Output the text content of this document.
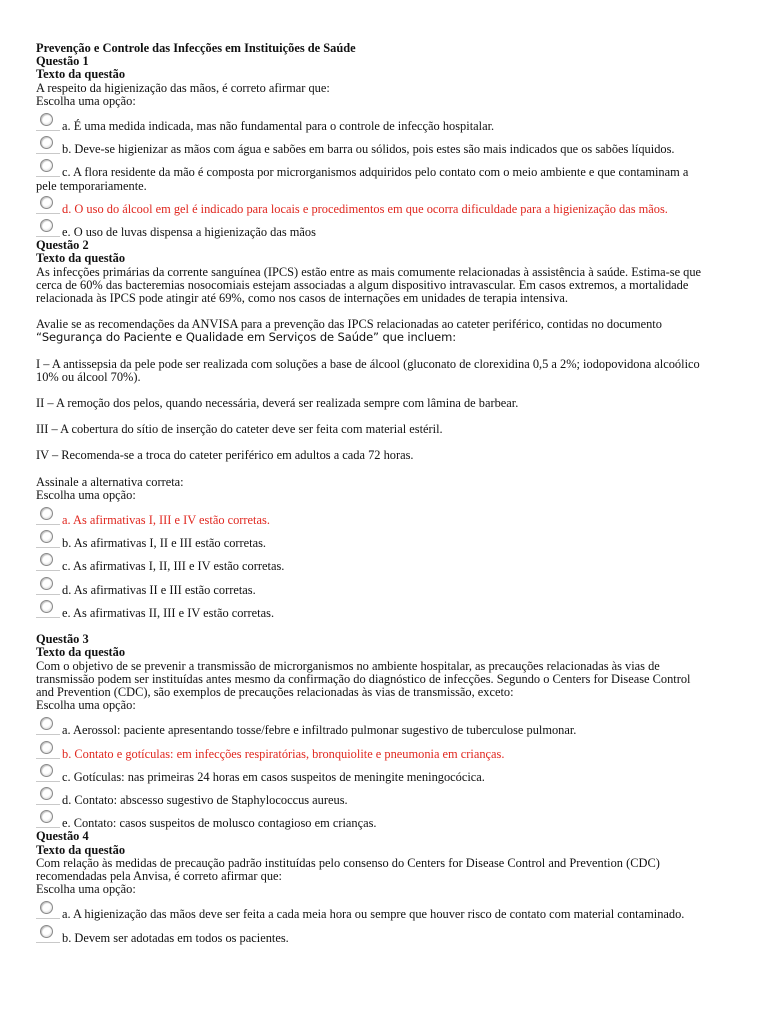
Prevenção e Controle das Infecções em Instituições de Saúde
Questão 1
Texto da questão
A respeito da higienização das mãos, é correto afirmar que:
Escolha uma opção:
a. É uma medida indicada, mas não fundamental para o controle de infecção hospitalar.
b. Deve-se higienizar as mãos com água e sabões em barra ou sólidos, pois estes são mais indicados que os sabões líquidos.
c. A flora residente da mão é composta por microrganismos adquiridos pelo contato com o meio ambiente e que contaminam a
pele temporariamente.
d. O uso do álcool em gel é indicado para locais e procedimentos em que ocorra dificuldade para a higienização das mãos.
e. O uso de luvas dispensa a higienização das mãos
Questão 2
Texto da questão
As infecções primárias da corrente sanguínea (IPCS) estão entre as mais comumente relacionadas à assistência à saúde. Estima-se que
cerca de 60% das bacteremias nosocomiais estejam associadas a algum dispositivo intravascular. Em casos extremos, a mortalidade
relacionada às IPCS pode atingir até 69%, como nos casos de internações em unidades de terapia intensiva.
Avalie se as recomendações da ANVISA para a prevenção das IPCS relacionadas ao cateter periférico, contidas no documento
“Segurança do Paciente e Qualidade em Serviços de Saúde” que incluem:
I – A antissepsia da pele pode ser realizada com soluções a base de álcool (gluconato de clorexidina 0,5 a 2%; iodopovidona alcoólico
10% ou álcool 70%).
II – A remoção dos pelos, quando necessária, deverá ser realizada sempre com lâmina de barbear.
III – A cobertura do sítio de inserção do cateter deve ser feita com material estéril.
IV – Recomenda-se a troca do cateter periférico em adultos a cada 72 horas.
Assinale a alternativa correta:
Escolha uma opção:
a. As afirmativas I, III e IV estão corretas.
b. As afirmativas I, II e III estão corretas.
c. As afirmativas I, II, III e IV estão corretas.
d. As afirmativas II e III estão corretas.
e. As afirmativas II, III e IV estão corretas.
Questão 3
Texto da questão
Com o objetivo de se prevenir a transmissão de microrganismos no ambiente hospitalar, as precauções relacionadas às vias de
transmissão podem ser instituídas antes mesmo da confirmação do diagnóstico de infecções. Segundo o Centers for Disease Control
and Prevention (CDC), são exemplos de precauções relacionadas às vias de transmissão, exceto:
Escolha uma opção:
a. Aerossol: paciente apresentando tosse/febre e infiltrado pulmonar sugestivo de tuberculose pulmonar.
b. Contato e gotículas: em infecções respiratórias, bronquiolite e pneumonia em crianças.
c. Gotículas: nas primeiras 24 horas em casos suspeitos de meningite meningocócica.
d. Contato: abscesso sugestivo de Staphylococcus aureus.
e. Contato: casos suspeitos de molusco contagioso em crianças.
Questão 4
Texto da questão
Com relação às medidas de precaução padrão instituídas pelo consenso do Centers for Disease Control and Prevention (CDC)
recomendadas pela Anvisa, é correto afirmar que:
Escolha uma opção:
a. A higienização das mãos deve ser feita a cada meia hora ou sempre que houver risco de contato com material contaminado.
b. Devem ser adotadas em todos os pacientes.
